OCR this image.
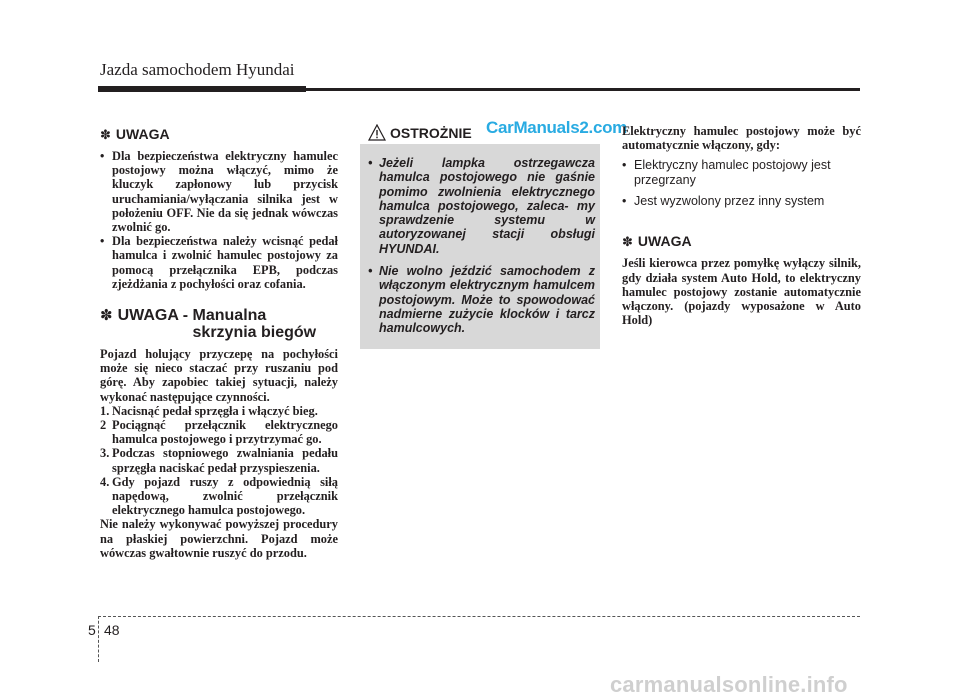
Jazda samochodem Hyundai
✽ UWAGA
• Dla bezpieczeństwa elektryczny hamulec postojowy można włączyć, mimo że kluczyk zapłonowy lub przycisk uruchamiania/wyłączania silnika jest w położeniu OFF. Nie da się jednak wówczas zwolnić go.
• Dla bezpieczeństwa należy wcisnąć pedał hamulca i zwolnić hamulec postojowy za pomocą przełącznika EPB, podczas zjeżdżania z pochyłości oraz cofania.
✽ UWAGA - Manualna skrzynia biegów
Pojazd holujący przyczepę na pochyłości może się nieco staczać przy ruszaniu pod górę. Aby zapobiec takiej sytuacji, należy wykonać następujące czynności.
1. Nacisnąć pedał sprzęgła i włączyć bieg.
2 Pociągnąć przełącznik elektrycznego hamulca postojowego i przytrzymać go.
3. Podczas stopniowego zwalniania pedału sprzęgła naciskać pedał przyspieszenia.
4. Gdy pojazd ruszy z odpowiednią siłą napędową, zwolnić przełącznik elektrycznego hamulca postojowego.
Nie należy wykonywać powyższej procedury na płaskiej powierzchni. Pojazd może wówczas gwałtownie ruszyć do przodu.
OSTROŻNIE
• Jeżeli lampka ostrzegawcza hamulca postojowego nie gaśnie pomimo zwolnienia elektrycznego hamulca postojowego, zaleca- my sprawdzenie systemu w autoryzowanej stacji obsługi HYUNDAI.
• Nie wolno jeździć samochodem z włączonym elektrycznym hamulcem postojowym. Może to spowodować nadmierne zużycie klocków i tarcz hamulcowych.
CarManuals2.com
Elektryczny hamulec postojowy może być automatycznie włączony, gdy:
• Elektryczny hamulec postojowy jest przegrzany
• Jest wyzwolony przez inny system
✽ UWAGA
Jeśli kierowca przez pomyłkę wyłączy silnik, gdy działa system Auto Hold, to elektryczny hamulec postojowy zostanie automatycznie włączony. (pojazdy wyposażone w Auto Hold)
5 48
carmanualsonline.info
